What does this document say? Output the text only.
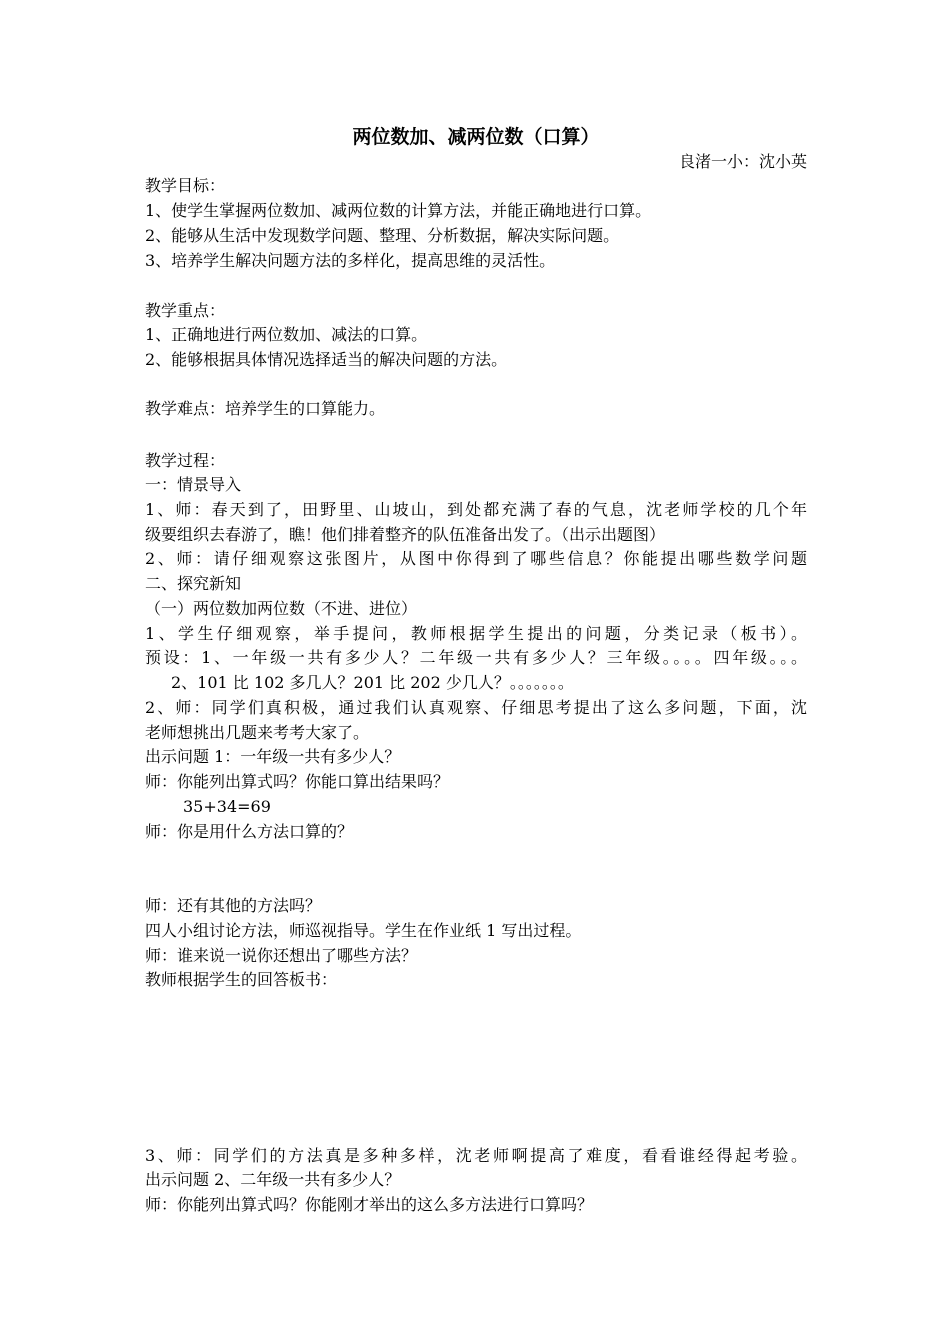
两位数加、减两位数（口算）

良渚一小：沈小英

教学目标：

1、使学生掌握两位数加、减两位数的计算方法，并能正确地进行口算。

2、能够从生活中发现数学问题、整理、分析数据，解决实际问题。

3、培养学生解决问题方法的多样化，提高思维的灵活性。

教学重点：

1、正确地进行两位数加、减法的口算。

2、能够根据具体情况选择适当的解决问题的方法。

教学难点：培养学生的口算能力。

教学过程：

一：情景导入

1、师：春天到了，田野里、山坡山，到处都充满了春的气息，沈老师学校的几个年

级要组织去春游了，瞧！他们排着整齐的队伍准备出发了。（出示出题图）

2、师：请仔细观察这张图片，从图中你得到了哪些信息？你能提出哪些数学问题

二、探究新知

（一）两位数加两位数（不进、进位）

1、学生仔细观察，举手提问，教师根据学生提出的问题，分类记录（板书）。

预设：1、一年级一共有多少人？二年级一共有多少人？三年级。。。。四年级。。。

2、101 比 102 多几人？201 比 202 少几人？。。。。。。。

2、师：同学们真积极，通过我们认真观察、仔细思考提出了这么多问题，下面，沈

老师想挑出几题来考考大家了。

出示问题 1：一年级一共有多少人？

师：你能列出算式吗？你能口算出结果吗？

35+34=69

师：你是用什么方法口算的？

师：还有其他的方法吗？

四人小组讨论方法，师巡视指导。学生在作业纸 1 写出过程。

师：谁来说一说你还想出了哪些方法？

教师根据学生的回答板书：

3、师：同学们的方法真是多种多样，沈老师啊提高了难度，看看谁经得起考验。

出示问题 2、二年级一共有多少人？

师：你能列出算式吗？你能刚才举出的这么多方法进行口算吗？
